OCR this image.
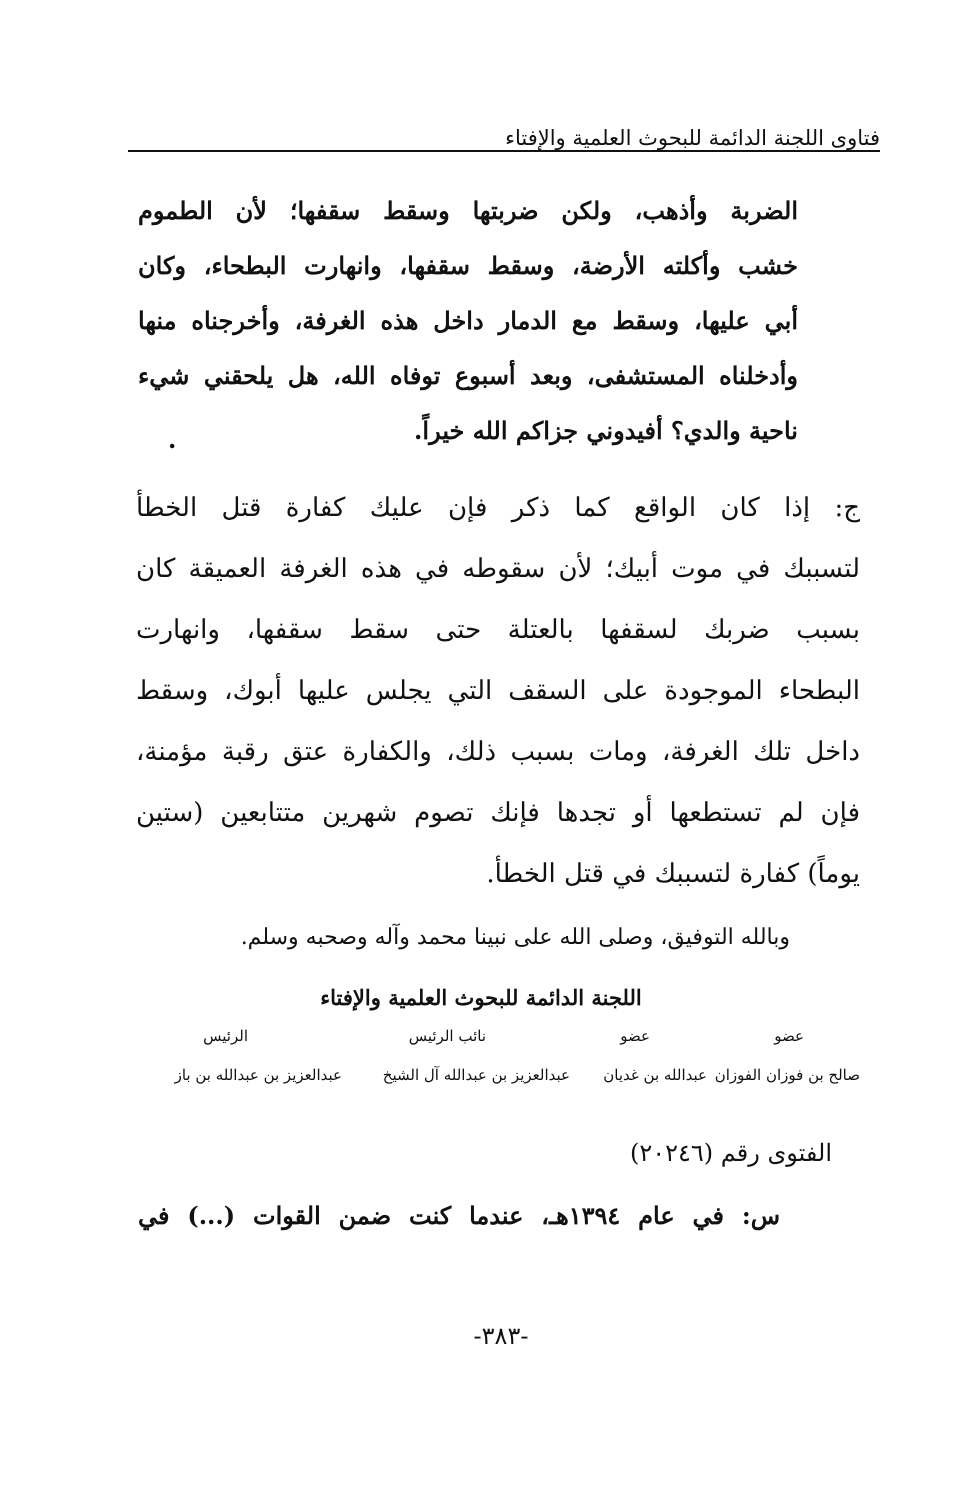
فتاوى اللجنة الدائمة للبحوث العلمية والإفتاء
الضربة وأذهب، ولكن ضربتها وسقط سقفها؛ لأن الطموم
خشب وأكلته الأرضة، وسقط سقفها، وانهارت البطحاء، وكان
أبي عليها، وسقط مع الدمار داخل هذه الغرفة، وأخرجناه منها
وأدخلناه المستشفى، وبعد أسبوع توفاه الله، هل يلحقني شيء
ناحية والدي؟ أفيدوني جزاكم الله خيراً.
.
ج: إذا كان الواقع كما ذكر فإن عليك كفارة قتل الخطأ
لتسببك في موت أبيك؛ لأن سقوطه في هذه الغرفة العميقة كان
بسبب ضربك لسقفها بالعتلة حتى سقط سقفها، وانهارت
البطحاء الموجودة على السقف التي يجلس عليها أبوك، وسقط
داخل تلك الغرفة، ومات بسبب ذلك، والكفارة عتق رقبة مؤمنة،
فإن لم تستطعها أو تجدها فإنك تصوم شهرين متتابعين (ستين
يوماً) كفارة لتسببك في قتل الخطأ.
وبالله التوفيق، وصلى الله على نبينا محمد وآله وصحبه وسلم.
اللجنة الدائمة للبحوث العلمية والإفتاء
عضو
عضو
نائب الرئيس
الرئيس
صالح بن فوزان الفوزان
عبدالله بن غديان
عبدالعزيز بن عبدالله آل الشيخ
عبدالعزيز بن عبدالله بن باز
الفتوى رقم (٢٠٢٤٦)
س: في عام ١٣٩٤هـ، عندما كنت ضمن القوات (...) في
-٣٨٣-
